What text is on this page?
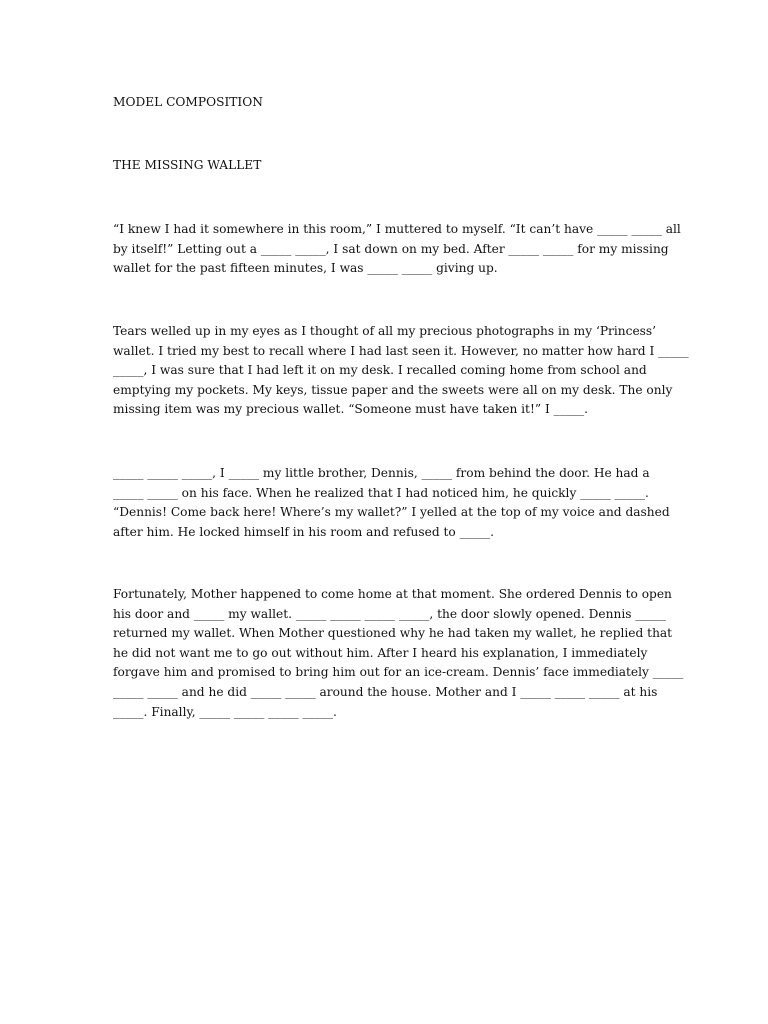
MODEL COMPOSITION
THE MISSING WALLET

“I knew I had it somewhere in this room,” I muttered to myself. “It can’t have _____ _____ all
by itself!” Letting out a _____ _____, I sat down on my bed. After _____ _____ for my missing
wallet for the past fifteen minutes, I was _____ _____ giving up.

Tears welled up in my eyes as I thought of all my precious photographs in my ‘Princess’
wallet. I tried my best to recall where I had last seen it. However, no matter how hard I _____
_____, I was sure that I had left it on my desk. I recalled coming home from school and
emptying my pockets. My keys, tissue paper and the sweets were all on my desk. The only
missing item was my precious wallet. “Someone must have taken it!” I _____.

_____ _____ _____, I _____ my little brother, Dennis, _____ from behind the door. He had a
_____ _____ on his face. When he realized that I had noticed him, he quickly _____ _____.
“Dennis! Come back here! Where’s my wallet?” I yelled at the top of my voice and dashed
after him. He locked himself in his room and refused to _____.

Fortunately, Mother happened to come home at that moment. She ordered Dennis to open
his door and _____ my wallet. _____ _____ _____ _____, the door slowly opened. Dennis _____
returned my wallet. When Mother questioned why he had taken my wallet, he replied that
he did not want me to go out without him. After I heard his explanation, I immediately
forgave him and promised to bring him out for an ice-cream. Dennis’ face immediately _____
_____ _____ and he did _____ _____ around the house. Mother and I _____ _____ _____ at his
_____. Finally, _____ _____ _____ _____.
